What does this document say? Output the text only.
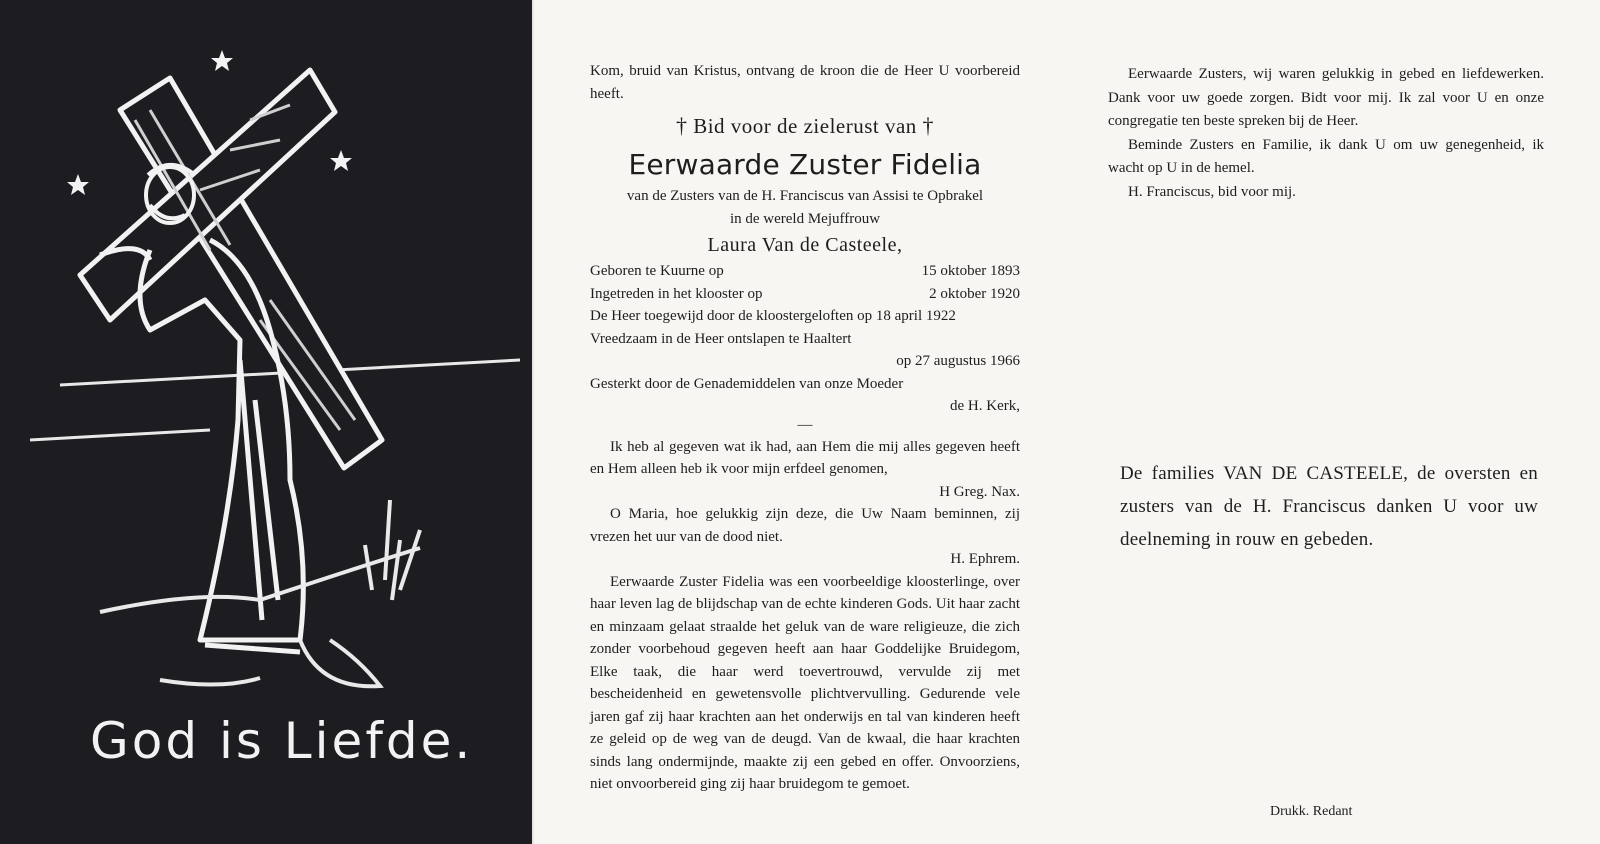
God is Liefde.

Kom, bruid van Kristus, ontvang de kroon die de Heer U voorbereid heeft.

† Bid voor de zielerust van †

Eerwaarde Zuster Fidelia

van de Zusters van de H. Franciscus van Assisi te Opbrakel

in de wereld Mejuffrouw

Laura Van de Casteele,

Geboren te Kuurne op	15 oktober 1893
Ingetreden in het klooster op	2 oktober 1920

De Heer toegewijd door de kloostergeloften op 18 april 1922

Vreedzaam in de Heer ontslapen te Haaltert

op 27 augustus 1966

Gesterkt door de Genademiddelen van onze Moeder

de H. Kerk,

—

Ik heb al gegeven wat ik had, aan Hem die mij alles gegeven heeft en Hem alleen heb ik voor mijn erfdeel genomen,

H Greg. Nax.

O Maria, hoe gelukkig zijn deze, die Uw Naam beminnen, zij vrezen het uur van de dood niet.

H. Ephrem.

Eerwaarde Zuster Fidelia was een voorbeeldige kloosterlinge, over haar leven lag de blijdschap van de echte kinderen Gods. Uit haar zacht en minzaam gelaat straalde het geluk van de ware religieuze, die zich zonder voorbehoud gegeven heeft aan haar Goddelijke Bruidegom, Elke taak, die haar werd toevertrouwd, vervulde zij met bescheidenheid en gewetensvolle plichtvervulling. Gedurende vele jaren gaf zij haar krachten aan het onderwijs en tal van kinderen heeft ze geleid op de weg van de deugd. Van de kwaal, die haar krachten sinds lang ondermijnde, maakte zij een gebed en offer. Onvoorziens, niet onvoorbereid ging zij haar bruidegom te gemoet.

Eerwaarde Zusters, wij waren gelukkig in gebed en liefdewerken. Dank voor uw goede zorgen. Bidt voor mij. Ik zal voor U en onze congregatie ten beste spreken bij de Heer.

Beminde Zusters en Familie, ik dank U om uw genegenheid, ik wacht op U in de hemel.

H. Franciscus, bid voor mij.

De families VAN DE CASTEELE, de oversten en zusters van de H. Franciscus danken U voor uw deelneming in rouw en gebeden.

Drukk. Redant
